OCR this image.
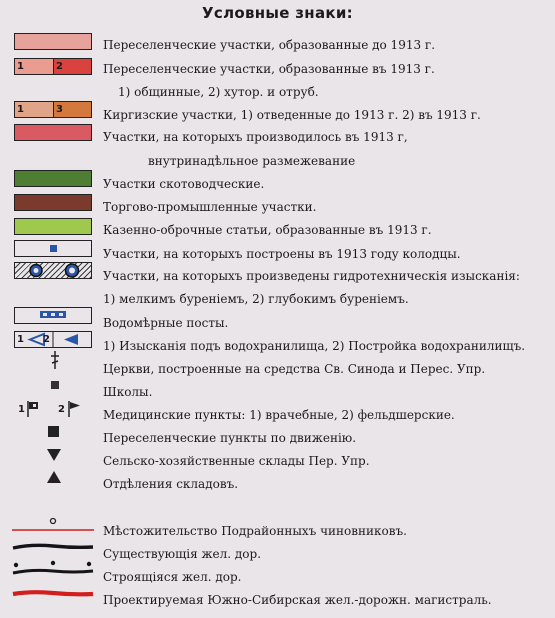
Условные знаки:
Переселенческие участки, образованные до 1913 г.
1	2	Переселенческие участки, образованные въ 1913 г.
1) общинные, 2) хутор. и отруб.
1	3	Киргизские участки, 1) отведенные до 1913 г. 2) въ 1913 г.
Участки, на которыхъ производилось въ 1913 г,
внутринадѣльное размежевание
Участки скотоводческие.
Торгово-промышленные участки.
Казенно-оброчные статьи, образованные въ 1913 г.
Участки, на которыхъ построены въ 1913 году колодцы.
Участки, на которыхъ произведены гидротехническiя изысканiя:
1) мелкимъ буренiемъ, 2) глубокимъ буренiемъ.
Водомѣрные посты.
1 2	1) Изысканiя подъ водохранилища, 2) Постройка водохранилищъ.
Церкви, построенные на средства Св. Синода и Перес. Упр.
Школы.
1	2	Медицинские пункты: 1) врачебные, 2) фельдшерские.
Переселенческие пункты по движенiю.
Сельско-хозяйственные склады Пер. Упр.
Отдѣления складовъ.
Мѣстожительство Подрайонныхъ чиновниковъ.
Существующiя жел. дор.
Строящiяся жел. дор.
Проектируемая Южно-Сибирская жел.-дорожн. магистраль.
